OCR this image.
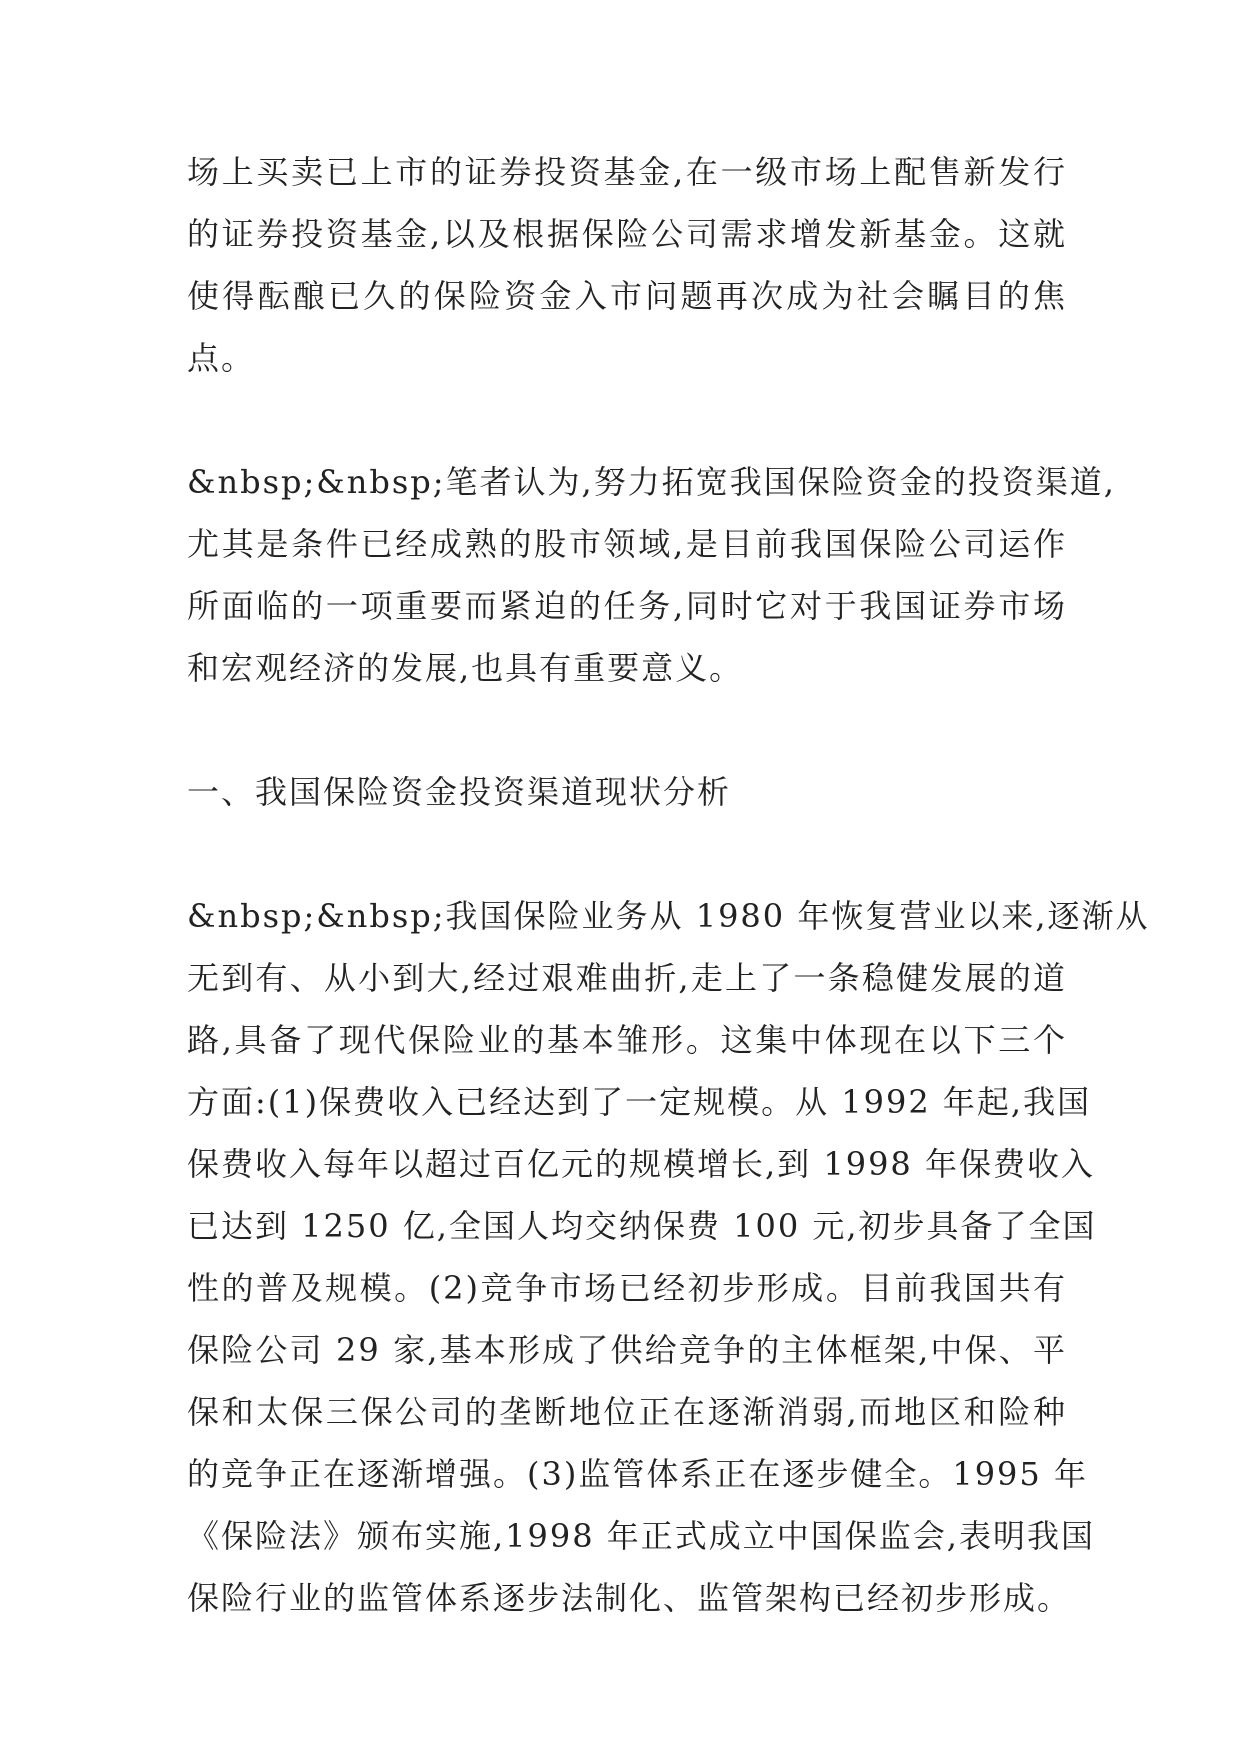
场上买卖已上市的证券投资基金,在一级市场上配售新发行

的证券投资基金,以及根据保险公司需求增发新基金。这就

使得酝酿已久的保险资金入市问题再次成为社会瞩目的焦

点。

&nbsp;&nbsp;笔者认为,努力拓宽我国保险资金的投资渠道,

尤其是条件已经成熟的股市领域,是目前我国保险公司运作

所面临的一项重要而紧迫的任务,同时它对于我国证券市场

和宏观经济的发展,也具有重要意义。

一、我国保险资金投资渠道现状分析

&nbsp;&nbsp;我国保险业务从 1980 年恢复营业以来,逐渐从

无到有、从小到大,经过艰难曲折,走上了一条稳健发展的道

路,具备了现代保险业的基本雏形。这集中体现在以下三个

方面:(1)保费收入已经达到了一定规模。从 1992 年起,我国

保费收入每年以超过百亿元的规模增长,到 1998 年保费收入

已达到 1250 亿,全国人均交纳保费 100 元,初步具备了全国

性的普及规模。(2)竞争市场已经初步形成。目前我国共有

保险公司 29 家,基本形成了供给竞争的主体框架,中保、平

保和太保三保公司的垄断地位正在逐渐消弱,而地区和险种

的竞争正在逐渐增强。(3)监管体系正在逐步健全。1995 年

《保险法》颁布实施,1998 年正式成立中国保监会,表明我国

保险行业的监管体系逐步法制化、监管架构已经初步形成。
